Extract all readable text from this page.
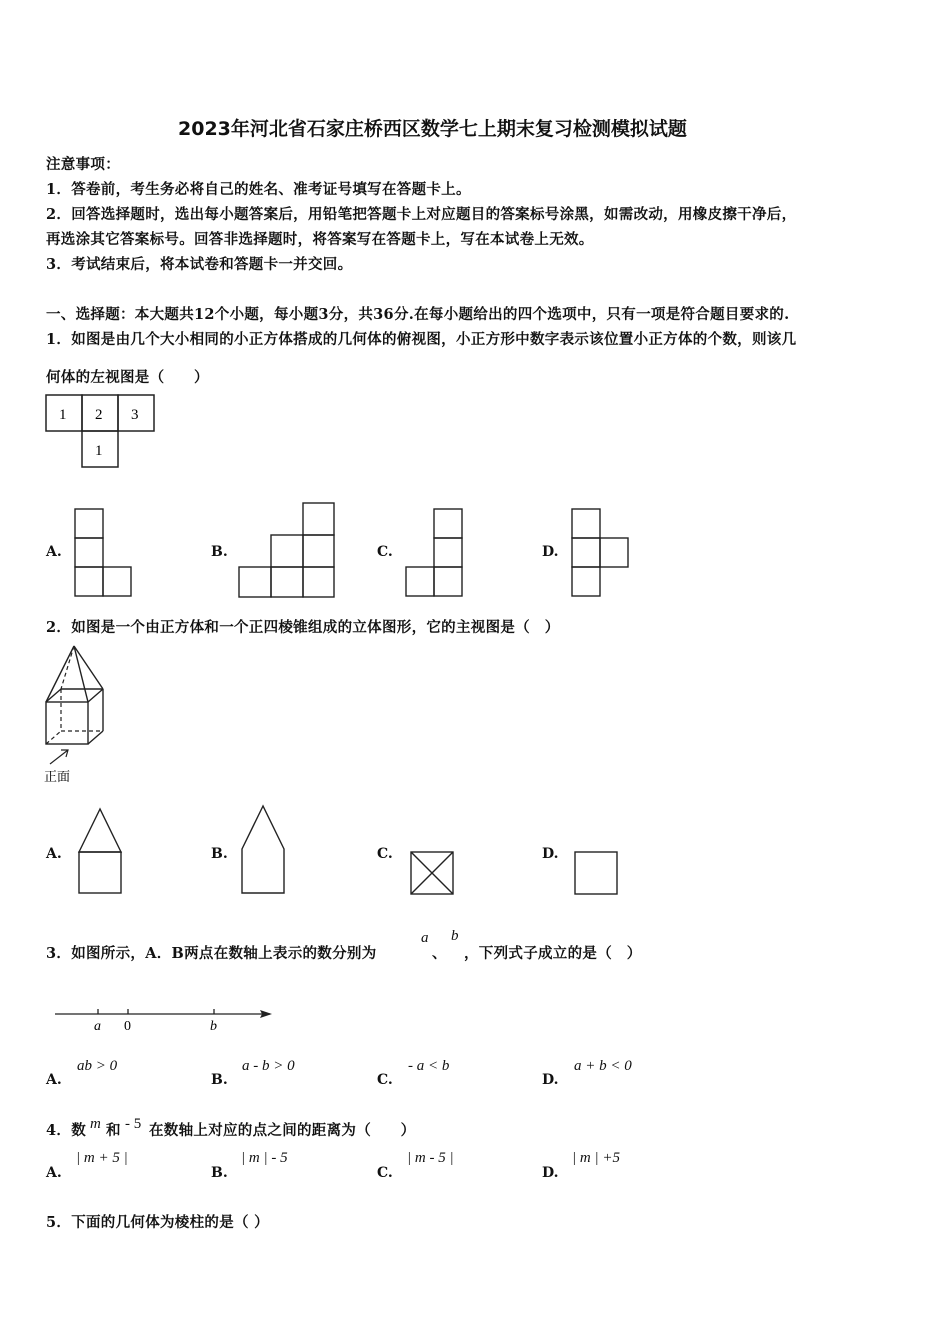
2023年河北省石家庄桥西区数学七上期末复习检测模拟试题
注意事项：
1．答卷前，考生务必将自己的姓名、准考证号填写在答题卡上。
2．回答选择题时，选出每小题答案后，用铅笔把答题卡上对应题目的答案标号涂黑，如需改动，用橡皮擦干净后，
再选涂其它答案标号。回答非选择题时，将答案写在答题卡上，写在本试卷上无效。
3．考试结束后，将本试卷和答题卡一并交回。
一、选择题：本大题共12个小题，每小题3分，共36分.在每小题给出的四个选项中，只有一项是符合题目要求的.
1．如图是由几个大小相同的小正方体搭成的几何体的俯视图，小正方形中数字表示该位置小正方体的个数，则该几
何体的左视图是（　　）
1 2 3
1
A.	B.	C.	D.
2．如图是一个由正方体和一个正四棱锥组成的立体图形，它的主视图是（　）
正面
A.	B.	C.	D.
3．如图所示，A．B两点在数轴上表示的数分别为
a
、
b
，下列式子成立的是（　）
a 0	b
A.
ab > 0
B.
a - b > 0
C.
- a < b
D.
a + b < 0
4．数 m 和 - 5 在数轴上对应的点之间的距离为（　　）
A.
| m + 5 |
B.
| m | - 5
C.
| m - 5 |
D.
| m | +5
5．下面的几何体为棱柱的是（ ）
